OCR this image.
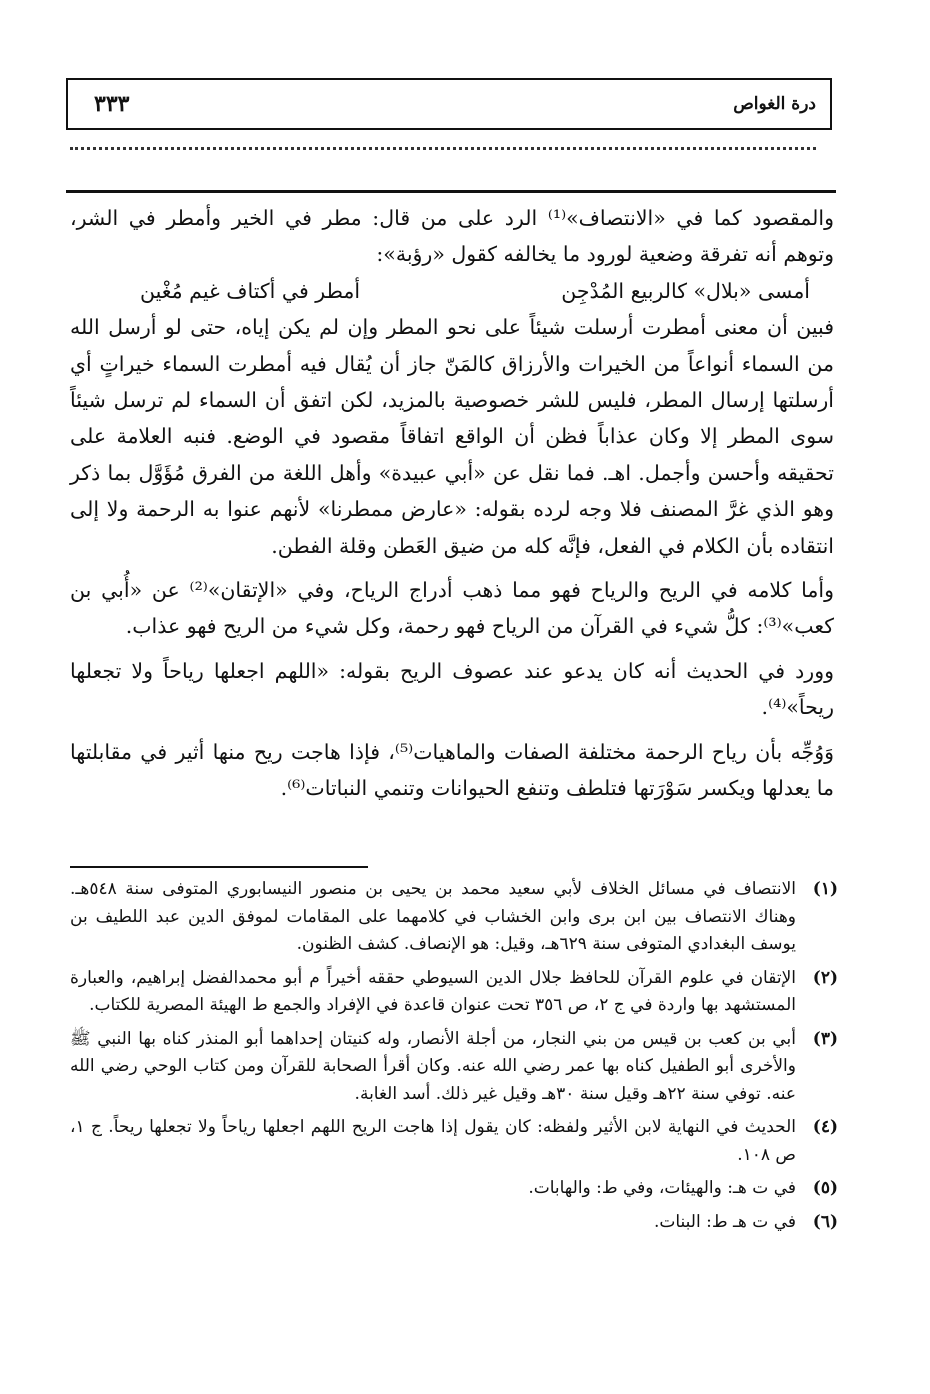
درة الغواص
٣٣٣

والمقصود كما في «الانتصاف»⁽¹⁾ الرد على من قال: مطر في الخير وأمطر في الشر، وتوهم أنه تفرقة وضعية لورود ما يخالفه كقول «رؤبة»:

أمسى «بلال» كالربيع المُدْجِن
أمطر في أكتاف غيم مُغْين

فبين أن معنى أمطرت أرسلت شيئاً على نحو المطر وإن لم يكن إياه، حتى لو أرسل الله من السماء أنواعاً من الخيرات والأرزاق كالمَنّ جاز أن يُقال فيه أمطرت السماء خيراتٍ أي أرسلتها إرسال المطر، فليس للشر خصوصية بالمزيد، لكن اتفق أن السماء لم ترسل شيئاً سوى المطر إلا وكان عذاباً فظن أن الواقع اتفاقاً مقصود في الوضع. فنبه العلامة على تحقيقه وأحسن وأجمل. اهـ. فما نقل عن «أبي عبيدة» وأهل اللغة من الفرق مُؤَوَّل بما ذكر وهو الذي غرَّ المصنف فلا وجه لرده بقوله: «عارض ممطرنا» لأنهم عنوا به الرحمة ولا إلى انتقاده بأن الكلام في الفعل، فإنَّه كله من ضيق العَطن وقلة الفطن.

وأما كلامه في الريح والرياح فهو مما ذهب أدراج الرياح، وفي «الإتقان»⁽²⁾ عن «أُبي بن كعب»⁽³⁾: كلُّ شيء في القرآن من الرياح فهو رحمة، وكل شيء من الريح فهو عذاب.

وورد في الحديث أنه كان يدعو عند عصوف الريح بقوله: «اللهم اجعلها رياحاً ولا تجعلها ريحاً»⁽⁴⁾.

وَوُجِّه بأن رياح الرحمة مختلفة الصفات والماهيات⁽⁵⁾، فإذا هاجت ريح منها أثير في مقابلتها ما يعدلها ويكسر سَوْرَتها فتلطف وتنفع الحيوانات وتنمي النباتات⁽⁶⁾.

(١)
الانتصاف في مسائل الخلاف لأبي سعيد محمد بن يحيى بن منصور النيسابوري المتوفى سنة ٥٤٨هـ. وهناك الانتصاف بين ابن برى وابن الخشاب في كلامهما على المقامات لموفق الدين عبد اللطيف بن يوسف البغدادي المتوفى سنة ٦٢٩هـ، وقيل: هو الإنصاف. كشف الظنون.
(٢)
الإتقان في علوم القرآن للحافظ جلال الدين السيوطي حققه أخيراً م أبو محمدالفضل إبراهيم، والعبارة المستشهد بها واردة في ج ٢، ص ٣٥٦ تحت عنوان قاعدة في الإفراد والجمع ط الهيئة المصرية للكتاب.
(٣)
أبي بن كعب بن قيس من بني النجار، من أجلة الأنصار، وله كنيتان إحداهما أبو المنذر كناه بها النبي ﷺ والأخرى أبو الطفيل كناه بها عمر رضي الله عنه. وكان أقرأ الصحابة للقرآن ومن كتاب الوحي رضي الله عنه. توفي سنة ٢٢هـ وقيل سنة ٣٠هـ وقيل غير ذلك. أسد الغابة.
(٤)
الحديث في النهاية لابن الأثير ولفظه: كان يقول إذا هاجت الريح اللهم اجعلها رياحاً ولا تجعلها ريحاً. ج ١، ص ١٠٨.
(٥)
في ت هـ: والهيئات، وفي ط: والهابات.
(٦)
في ت هـ ط: البنات.
